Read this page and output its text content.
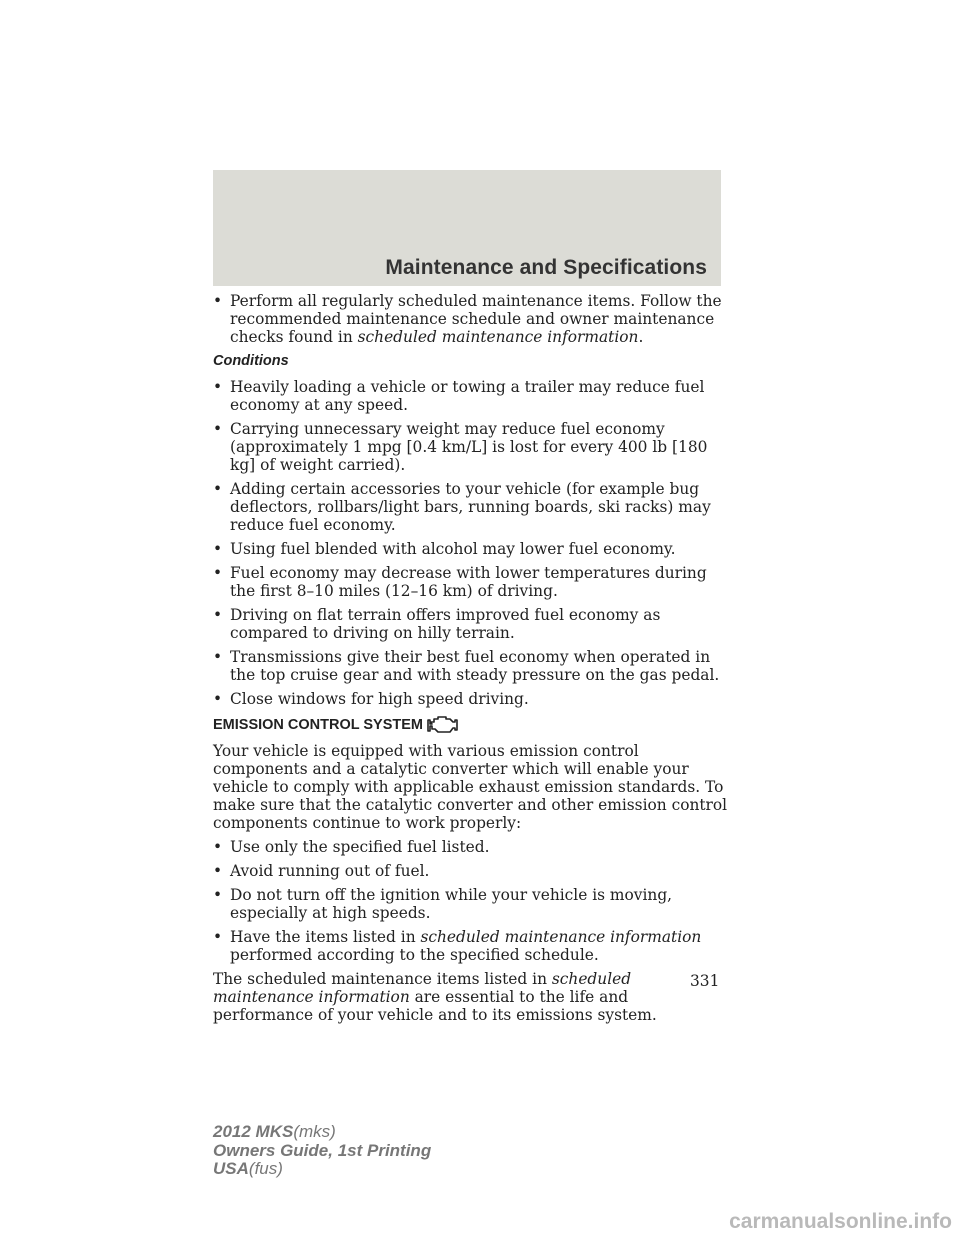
Maintenance and Specifications
• Perform all regularly scheduled maintenance items. Follow the recommended maintenance schedule and owner maintenance checks found in scheduled maintenance information.
Conditions
• Heavily loading a vehicle or towing a trailer may reduce fuel economy at any speed.
• Carrying unnecessary weight may reduce fuel economy (approximately 1 mpg [0.4 km/L] is lost for every 400 lb [180 kg] of weight carried).
• Adding certain accessories to your vehicle (for example bug deflectors, rollbars/light bars, running boards, ski racks) may reduce fuel economy.
• Using fuel blended with alcohol may lower fuel economy.
• Fuel economy may decrease with lower temperatures during the first 8–10 miles (12–16 km) of driving.
• Driving on flat terrain offers improved fuel economy as compared to driving on hilly terrain.
• Transmissions give their best fuel economy when operated in the top cruise gear and with steady pressure on the gas pedal.
• Close windows for high speed driving.
EMISSION CONTROL SYSTEM
Your vehicle is equipped with various emission control components and a catalytic converter which will enable your vehicle to comply with applicable exhaust emission standards. To make sure that the catalytic converter and other emission control components continue to work properly:
• Use only the specified fuel listed.
• Avoid running out of fuel.
• Do not turn off the ignition while your vehicle is moving, especially at high speeds.
• Have the items listed in scheduled maintenance information performed according to the specified schedule.
The scheduled maintenance items listed in scheduled maintenance information are essential to the life and performance of your vehicle and to its emissions system.
331
2012 MKS(mks)
Owners Guide, 1st Printing
USA(fus)
carmanualsonline.info
